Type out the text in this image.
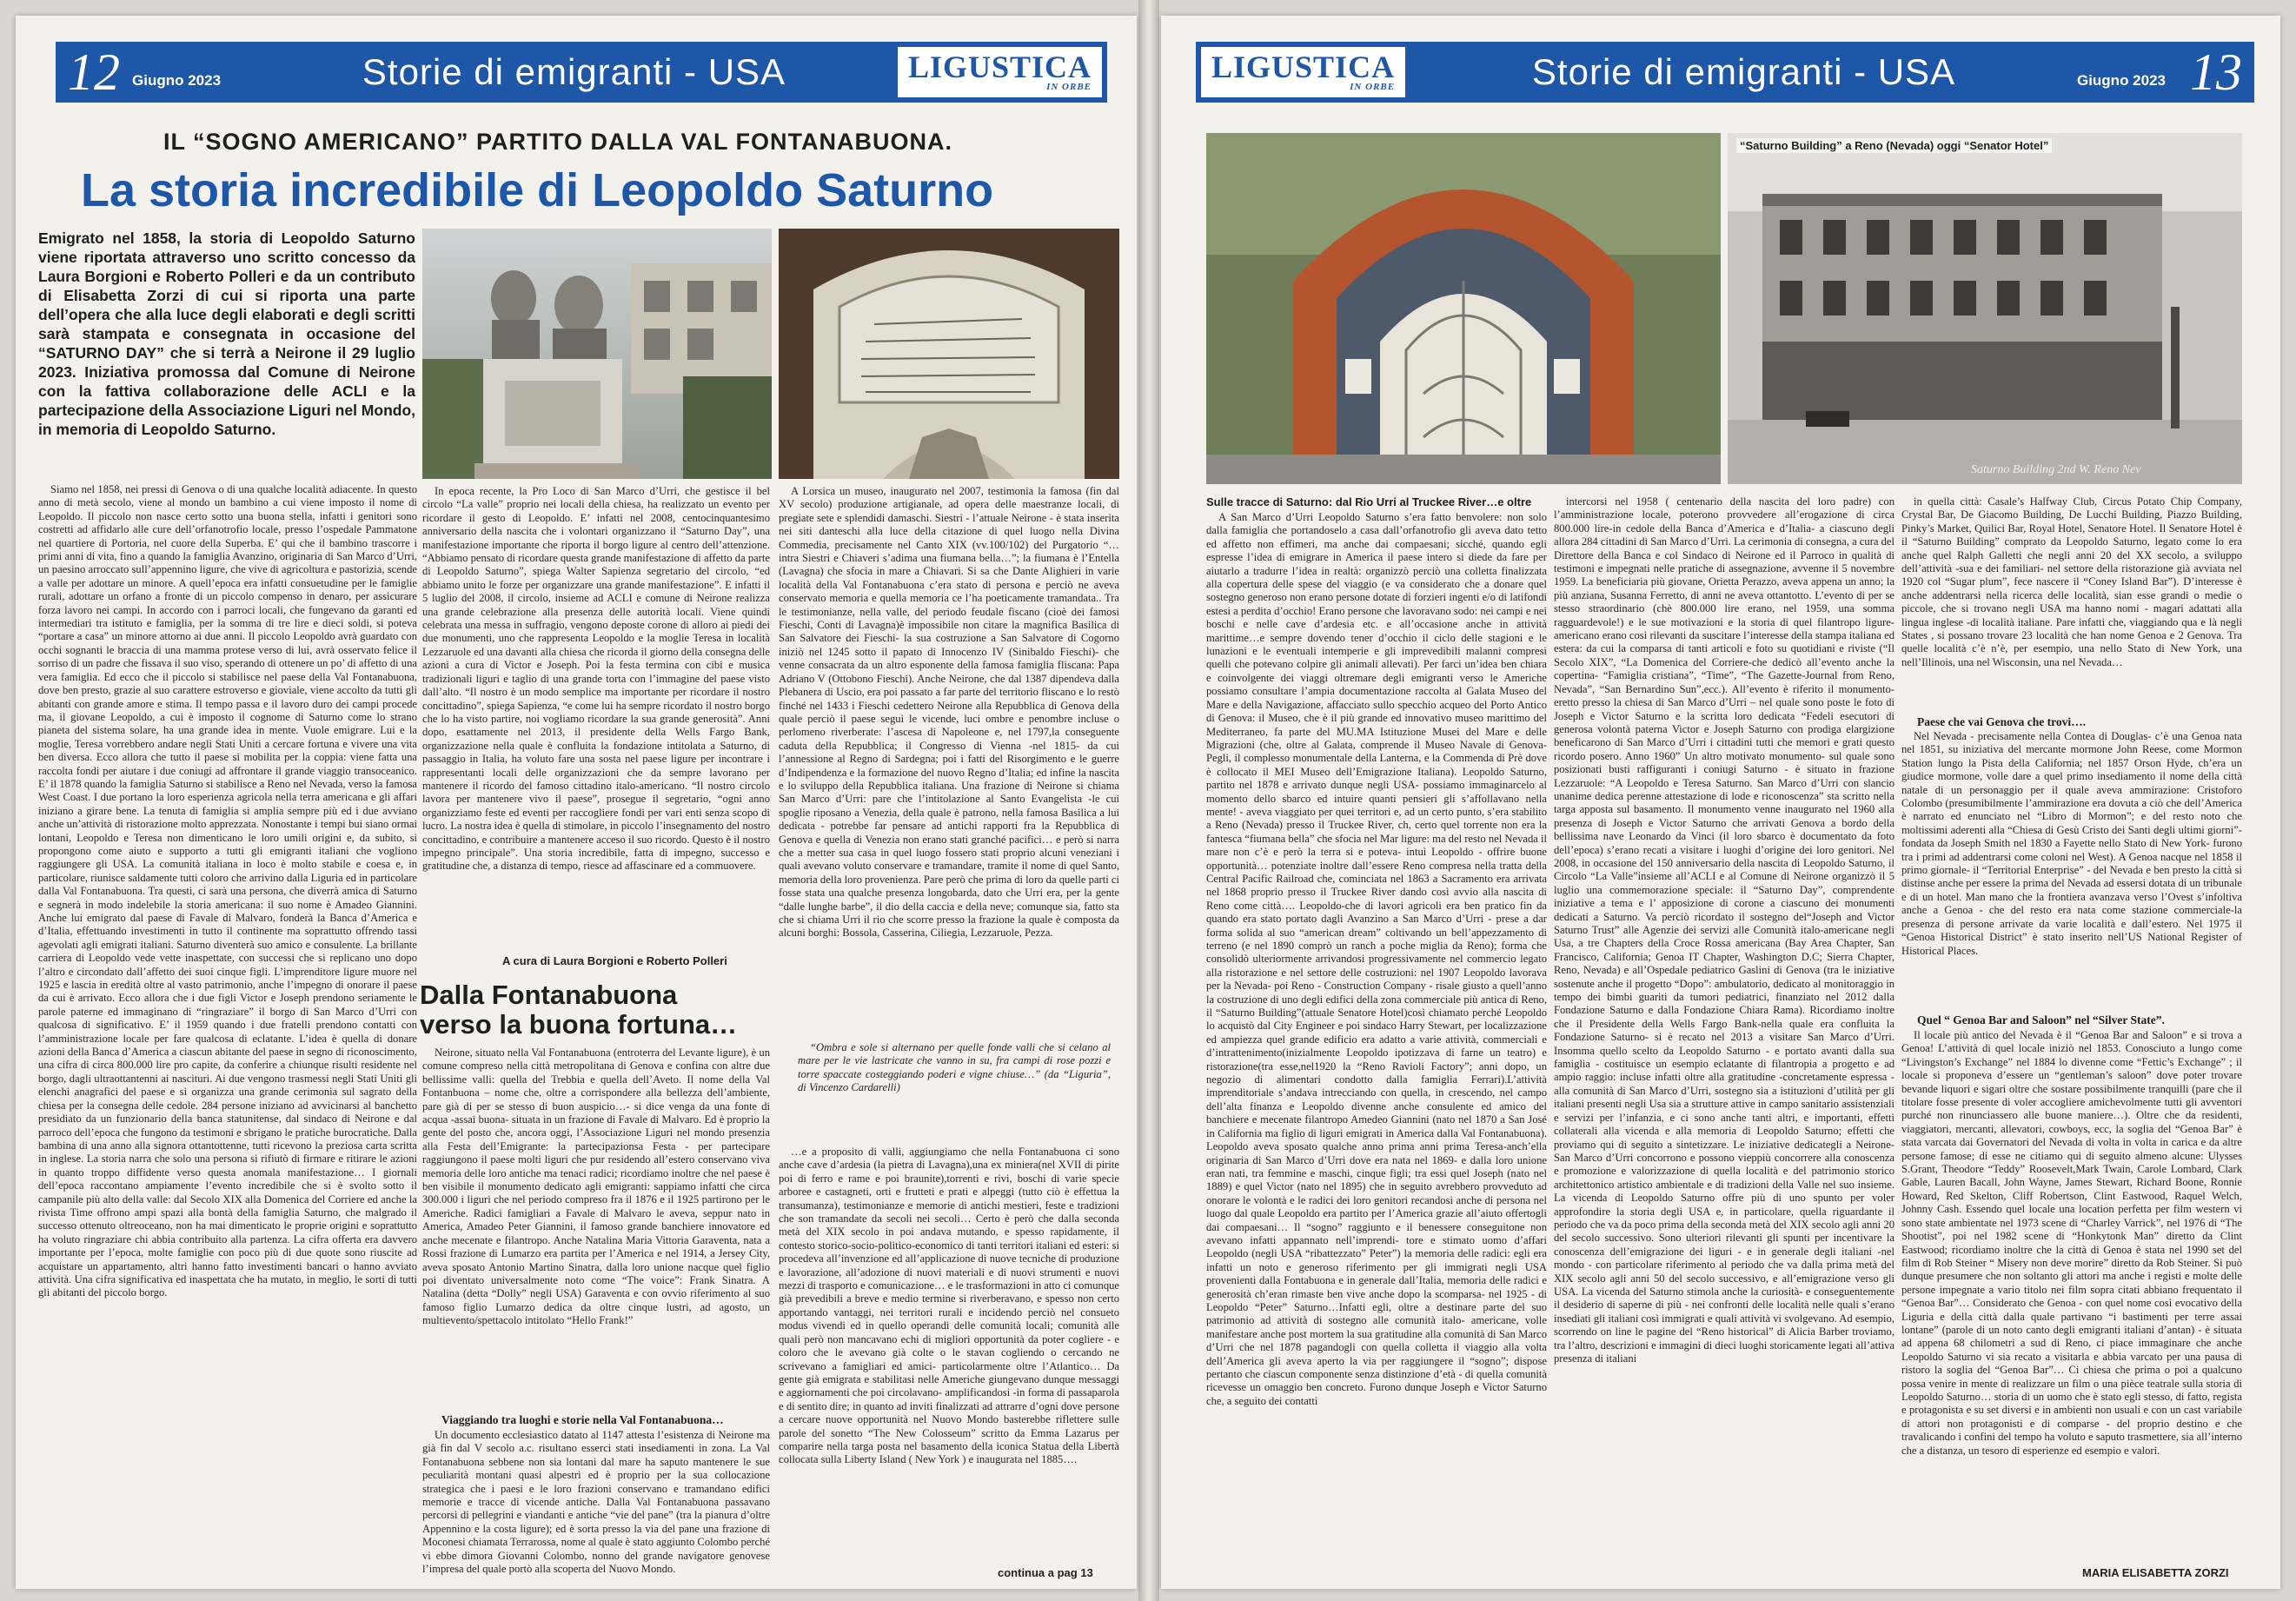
12 Giugno 2023	Storie di emigranti - USA	LIGUSTICA
IN ORBE
IL “SOGNO AMERICANO” PARTITO DALLA VAL FONTANABUONA.
La storia incredibile di Leopoldo Saturno
Emigrato nel 1858, la storia di Leopoldo Saturno viene riportata attraverso uno scritto concesso da Laura Borgioni e Roberto Polleri e da un contributo di Elisabetta Zorzi di cui si riporta una parte dell’opera che alla luce degli elaborati e degli scritti sarà stampata e consegnata in occasione del “SATURNO DAY” che si terrà a Neirone il 29 luglio 2023. Iniziativa promossa dal Comune di Neirone con la fattiva collaborazione delle ACLI e la partecipazione della Associazione Liguri nel Mondo, in memoria di Leopoldo Saturno.

Siamo nel 1858, nei pressi di Genova o di una qualche località adiacente. In questo anno di metà secolo, viene al mondo un bambino a cui viene imposto il nome di Leopoldo. Il piccolo non nasce certo sotto una buona stella, infatti i genitori sono costretti ad affidarlo alle cure dell’orfanotrofio locale, presso l’ospedale Pammatone nel quartiere di Portoria, nel cuore della Superba. E’ qui che il bambino trascorre i primi anni di vita, fino a quando la famiglia Avanzino, originaria di San Marco d’Urri, un paesino arroccato sull’appennino ligure, che vive di agricoltura e pastorizia, scende a valle per adottare un minore. A quell’epoca era infatti consuetudine per le famiglie rurali, adottare un orfano a fronte di un piccolo compenso in denaro, per assicurare forza lavoro nei campi. In accordo con i parroci locali, che fungevano da garanti ed intermediari tra istituto e famiglia, per la somma di tre lire e dieci soldi, si poteva “portare a casa” un minore attorno ai due anni. Il piccolo Leopoldo avrà guardato con occhi sognanti le braccia di una mamma protese verso di lui, avrà osservato felice il sorriso di un padre che fissava il suo viso, sperando di ottenere un po’ di affetto di una vera famiglia. Ed ecco che il piccolo si stabilisce nel paese della Val Fontanabuona, dove ben presto, grazie al suo carattere estroverso e gioviale, viene accolto da tutti gli abitanti con grande amore e stima. Il tempo passa e il lavoro duro dei campi procede ma, il giovane Leopoldo, a cui è imposto il cognome di Saturno come lo strano pianeta del sistema solare, ha una grande idea in mente. Vuole emigrare. Lui e la moglie, Teresa vorrebbero andare negli Stati Uniti a cercare fortuna e vivere una vita ben diversa. Ecco allora che tutto il paese si mobilita per la coppia: viene fatta una raccolta fondi per aiutare i due coniugi ad affrontare il grande viaggio transoceanico. E’ il 1878 quando la famiglia Saturno si stabilisce a Reno nel Nevada, verso la famosa West Coast. I due portano la loro esperienza agricola nella terra americana e gli affari iniziano a girare bene. La tenuta di famiglia si amplia sempre più ed i due avviano anche un’attività di ristorazione molto apprezzata. Nonostante i tempi bui siano ormai lontani, Leopoldo e Teresa non dimenticano le loro umili origini e, da subito, si propongono come aiuto e supporto a tutti gli emigranti italiani che vogliono raggiungere gli USA. La comunità italiana in loco è molto stabile e coesa e, in particolare, riunisce saldamente tutti coloro che arrivino dalla Liguria ed in particolare dalla Val Fontanabuona. Tra questi, ci sarà una persona, che diverrà amica di Saturno e segnerà in modo indelebile la storia americana: il suo nome è Amadeo Giannini. Anche lui emigrato dal paese di Favale di Malvaro, fonderà la Banca d’America e d’Italia, effettuando investimenti in tutto il continente ma soprattutto offrendo tassi agevolati agli emigrati italiani. Saturno diventerà suo amico e consulente. La brillante carriera di Leopoldo vede vette inaspettate, con successi che si replicano uno dopo l’altro e circondato dall’affetto dei suoi cinque figli. L’imprenditore ligure muore nel 1925 e lascia in eredità oltre al vasto patrimonio, anche l’impegno di onorare il paese da cui è arrivato. Ecco allora che i due figli Victor e Joseph prendono seriamente le parole paterne ed immaginano di “ringraziare” il borgo di San Marco d’Urri con qualcosa di significativo. E’ il 1959 quando i due fratelli prendono contatti con l’amministrazione locale per fare qualcosa di eclatante. L’idea è quella di donare azioni della Banca d’America a ciascun abitante del paese in segno di riconoscimento, una cifra di circa 800.000 lire pro capite, da conferire a chiunque risulti residente nel borgo, dagli ultraottantenni ai nascituri. Ai due vengono trasmessi negli Stati Uniti gli elenchi anagrafici del paese e si organizza una grande cerimonia sul sagrato della chiesa per la consegna delle cedole. 284 persone iniziano ad avvicinarsi al banchetto presidiato da un funzionario della banca statunitense, dal sindaco di Neirone e dal parroco dell’epoca che fungono da testimoni e sbrigano le pratiche burocratiche. Dalla bambina di una anno alla signora ottantottenne, tutti ricevono la preziosa carta scritta in inglese. La storia narra che solo una persona si rifiutò di firmare e ritirare le azioni in quanto troppo diffidente verso questa anomala manifestazione… I giornali dell’epoca raccontano ampiamente l’evento incredibile che si è svolto sotto il campanile più alto della valle: dal Secolo XIX alla Domenica del Corriere ed anche la rivista Time offrono ampi spazi alla bontà della famiglia Saturno, che malgrado il successo ottenuto oltreoceano, non ha mai dimenticato le proprie origini e soprattutto ha voluto ringraziare chi abbia contribuito alla partenza. La cifra offerta era davvero importante per l’epoca, molte famiglie con poco più di due quote sono riuscite ad acquistare un appartamento, altri hanno fatto investimenti bancari o hanno avviato attività. Una cifra significativa ed inaspettata che ha mutato, in meglio, le sorti di tutti gli abitanti del piccolo borgo.

In epoca recente, la Pro Loco di San Marco d’Urri, che gestisce il bel circolo “La valle” proprio nei locali della chiesa, ha realizzato un evento per ricordare il gesto di Leopoldo. E’ infatti nel 2008, centocinquantesimo anniversario della nascita che i volontari organizzano il “Saturno Day”, una manifestazione importante che riporta il borgo ligure al centro dell’attenzione. “Abbiamo pensato di ricordare questa grande manifestazione di affetto da parte di Leopoldo Saturno”, spiega Walter Sapienza segretario del circolo, “ed abbiamo unito le forze per organizzare una grande manifestazione”. E infatti il 5 luglio del 2008, il circolo, insieme ad ACLI e comune di Neirone realizza una grande celebrazione alla presenza delle autorità locali. Viene quindi celebrata una messa in suffragio, vengono deposte corone di alloro ai piedi dei due monumenti, uno che rappresenta Leopoldo e la moglie Teresa in località Lezzaruole ed una davanti alla chiesa che ricorda il giorno della consegna delle azioni a cura di Victor e Joseph. Poi la festa termina con cibi e musica tradizionali liguri e taglio di una grande torta con l’immagine del paese visto dall’alto. “Il nostro è un modo semplice ma importante per ricordare il nostro concittadino”, spiega Sapienza, “e come lui ha sempre ricordato il nostro borgo che lo ha visto partire, noi vogliamo ricordare la sua grande generosità”. Anni dopo, esattamente nel 2013, il presidente della Wells Fargo Bank, organizzazione nella quale è confluita la fondazione intitolata a Saturno, di passaggio in Italia, ha voluto fare una sosta nel paese ligure per incontrare i rappresentanti locali delle organizzazioni che da sempre lavorano per mantenere il ricordo del famoso cittadino italo-americano. “Il nostro circolo lavora per mantenere vivo il paese”, prosegue il segretario, “ogni anno organizziamo feste ed eventi per raccogliere fondi per vari enti senza scopo di lucro. La nostra idea è quella di stimolare, in piccolo l’insegnamento del nostro concittadino, e contribuire a mantenere acceso il suo ricordo. Questo è il nostro impegno principale”. Una storia incredibile, fatta di impegno, successo e gratitudine che, a distanza di tempo, riesce ad affascinare ed a commuovere.

A cura di Laura Borgioni e Roberto Polleri
Dalla Fontanabuona verso la buona fortuna…

Neirone, situato nella Val Fontanabuona (entroterra del Levante ligure), è un comune compreso nella città metropolitana di Genova e confina con altre due bellissime valli: quella del Trebbia e quella dell’Aveto. Il nome della Val Fontanbuona – nome che, oltre a corrispondere alla bellezza dell’ambiente, pare già di per se stesso di buon auspicio…- si dice venga da una fonte di acqua -assai buona- situata in un frazione di Favale di Malvaro. Ed è proprio la gente del posto che, ancora oggi, l’Associazione Liguri nel mondo presenzia alla Festa dell’Emigrante: la partecipazionsa Festa - per partecipare raggiungono il paese molti liguri che pur residendo all’estero conservano viva memoria delle loro antiche ma tenaci radici; ricordiamo inoltre che nel paese è ben visibile il monumento dedicato agli emigranti: sappiamo infatti che circa 300.000 i liguri che nel periodo compreso fra il 1876 e il 1925 partirono per le Americhe. Radici famigliari a Favale di Malvaro le aveva, seppur nato in America, Amadeo Peter Giannini, il famoso grande banchiere innovatore ed anche mecenate e filantropo. Anche Natalina Maria Vittoria Garaventa, nata a Rossi frazione di Lumarzo era partita per l’America e nel 1914, a Jersey City, aveva sposato Antonio Martino Sinatra, dalla loro unione nacque quel figlio poi diventato universalmente noto come “The voice”: Frank Sinatra. A Natalina (detta “Dolly” negli USA) Garaventa e con ovvio riferimento al suo famoso figlio Lumarzo dedica da oltre cinque lustri, ad agosto, un multievento/spettacolo intitolato “Hello Frank!”

Viaggiando tra luoghi e storie nella Val Fontanabuona…

Un documento ecclesiastico datato al 1147 attesta l’esistenza di Neirone ma già fin dal V secolo a.c. risultano esserci stati insediamenti in zona. La Val Fontanabuona sebbene non sia lontani dal mare ha saputo mantenere le sue peculiarità montani quasi alpestri ed è proprio per la sua collocazione strategica che i paesi e le loro frazioni conservano e tramandano edifici memorie e tracce di vicende antiche. Dalla Val Fontanabuona passavano percorsi di pellegrini e viandanti e antiche “vie del pane” (tra la pianura d’oltre Appennino e la costa ligure); ed è sorta presso la via del pane una frazione di Moconesi chiamata Terrarossa, nome al quale è stato aggiunto Colombo perché vi ebbe dimora Giovanni Colombo, nonno del grande navigatore genovese l’impresa del quale portò alla scoperta del Nuovo Mondo.

A Lorsica un museo, inaugurato nel 2007, testimonia la famosa (fin dal XV secolo) produzione artigianale, ad opera delle maestranze locali, di pregiate sete e splendidi damaschi. Siestri - l’attuale Neirone - è stata inserita nei siti danteschi alla luce della citazione di quel luogo nella Divina Commedia, precisamente nel Canto XIX (vv.100/102) del Purgatorio “…intra Siestri e Chiaveri s’adima una fiumana bella…”; la fiumana è l’Entella (Lavagna) che sfocia in mare a Chiavari. Si sa che Dante Alighieri in varie località della Val Fontanabuona c’era stato di persona e perciò ne aveva conservato memoria e quella memoria ce l’ha poeticamente tramandata.. Tra le testimonianze, nella valle, del periodo feudale fiscano (cioè dei famosi Fieschi, Conti di Lavagna)è impossibile non citare la magnifica Basilica di San Salvatore dei Fieschi- la sua costruzione a San Salvatore di Cogorno iniziò nel 1245 sotto il papato di Innocenzo IV (Sinibaldo Fieschi)- che venne consacrata da un altro esponente della famosa famiglia fliscana: Papa Adriano V (Ottobono Fieschi). Anche Neirone, che dal 1387 dipendeva dalla Plebanera di Uscio, era poi passato a far parte del territorio fliscano e lo restò finché nel 1433 i Fieschi cedettero Neirone alla Repubblica di Genova della quale perciò il paese seguì le vicende, luci ombre e penombre incluse o perlomeno riverberate: l’ascesa di Napoleone e, nel 1797,la conseguente caduta della Repubblica; il Congresso di Vienna -nel 1815- da cui l’annessione al Regno di Sardegna; poi i fatti del Risorgimento e le guerre d’Indipendenza e la formazione del nuovo Regno d’Italia; ed infine la nascita e lo sviluppo della Repubblica italiana. Una frazione di Neirone si chiama San Marco d’Urri: pare che l’intitolazione al Santo Evangelista -le cui spoglie riposano a Venezia, della quale è patrono, nella famosa Basilica a lui dedicata - potrebbe far pensare ad antichi rapporti fra la Repubblica di Genova e quella di Venezia non erano stati granché pacifici… e però si narra che a metter sua casa in quel luogo fossero stati proprio alcuni veneziani i quali avevano voluto conservare e tramandare, tramite il nome di quel Santo, memoria della loro provenienza. Pare però che prima di loro da quelle parti ci fosse stata una qualche presenza longobarda, dato che Urri era, per la gente “dalle lunghe barbe”, il dio della caccia e della neve; comunque sia, fatto sta che si chiama Urri il rio che scorre presso la frazione la quale è composta da alcuni borghi: Bossola, Casserina, Ciliegia, Lezzaruole, Pezza.

“Ombra e sole si alternano per quelle fonde valli che si celano al mare per le vie lastricate che vanno in su, fra campi di rose pozzi e torre spaccate costeggiando poderi e vigne chiuse…” (da “Liguria”, di Vincenzo Cardarelli)

…e a proposito di valli, aggiungiamo che nella Fontanabuona ci sono anche cave d’ardesia (la pietra di Lavagna),una ex miniera(nel XVII di pirite poi di ferro e rame e poi braunite),torrenti e rivi, boschi di varie specie arboree e castagneti, orti e frutteti e prati e alpeggi (tutto ciò è effettua la transumanza), testimonianze e memorie di antichi mestieri, feste e tradizioni che son tramandate da secoli nei secoli… Certo è però che dalla seconda metà del XIX secolo in poi andava mutando, e spesso rapidamente, il contesto storico-socio-politico-economico di tanti territori italiani ed esteri: si procedeva all’invenzione ed all’applicazione di nuove tecniche di produzione e lavorazione, all’adozione di nuovi materiali e di nuovi strumenti e nuovi mezzi di trasporto e comunicazione… e le trasformazioni in atto ci comunque già prevedibili a breve e medio termine si riverberavano, e spesso non certo apportando vantaggi, nei territori rurali e incidendo perciò nel consueto modus vivendi ed in quello operandi delle comunità locali; comunità alle quali però non mancavano echi di migliori opportunità da poter cogliere - e coloro che le avevano già colte o le stavan cogliendo o cercando ne scrivevano a famigliari ed amici- particolarmente oltre l’Atlantico… Da gente già emigrata e stabilitasi nelle Americhe giungevano dunque messaggi e aggiornamenti che poi circolavano- amplificandosi -in forma di passaparola e di sentito dire; in quanto ad inviti finalizzati ad attrarre d’ogni dove persone a cercare nuove opportunità nel Nuovo Mondo basterebbe riflettere sulle parole del sonetto “The New Colosseum” scritto da Emma Lazarus per comparire nella targa posta nel basamento della iconica Statua della Libertà collocata sulla Liberty Island ( New York ) e inaugurata nel 1885….

continua a pag 13
LIGUSTICA
IN ORBE	Storie di emigranti - USA	Giugno 2023 13
“Saturno Building” a Reno (Nevada) oggi “Senator Hotel”
Saturno Building 2nd W. Reno Nev
Sulle tracce di Saturno: dal Rio Urri al Truckee River…e oltre

A San Marco d’Urri Leopoldo Saturno s’era fatto benvolere: non solo dalla famiglia che portandoselo a casa dall’orfanotrofio gli aveva dato tetto ed affetto non effimeri, ma anche dai compaesani; sicché, quando egli espresse l’idea di emigrare in America il paese intero si diede da fare per aiutarlo a tradurre l’idea in realtà: organizzò perciò una colletta finalizzata alla copertura delle spese del viaggio (e va considerato che a donare quel sostegno generoso non erano persone dotate di forzieri ingenti e/o di latifondi estesi a perdita d’occhio! Erano persone che lavoravano sodo: nei campi e nei boschi e nelle cave d’ardesia etc. e all’occasione anche in attività marittime…e sempre dovendo tener d’occhio il ciclo delle stagioni e le lunazioni e le eventuali intemperie e gli imprevedibili malanni compresi quelli che potevano colpire gli animali allevati). Per farci un’idea ben chiara e coinvolgente dei viaggi oltremare degli emigranti verso le Americhe possiamo consultare l’ampia documentazione raccolta al Galata Museo del Mare e della Navigazione, affacciato sullo specchio acqueo del Porto Antico di Genova: il Museo, che è il più grande ed innovativo museo marittimo del Mediterraneo, fa parte del MU.MA Istituzione Musei del Mare e delle Migrazioni (che, oltre al Galata, comprende il Museo Navale di Genova-Pegli, il complesso monumentale della Lanterna, e la Commenda di Prè dove è collocato il MEI Museo dell’Emigrazione Italiana). Leopoldo Saturno, partito nel 1878 e arrivato dunque negli USA- possiamo immaginarcelo al momento dello sbarco ed intuire quanti pensieri gli s’affollavano nella mente! - aveva viaggiato per quei territori e, ad un certo punto, s’era stabilito a Reno (Nevada) presso il Truckee River, ch, certo quel torrente non era la fantesca “fiumana bella” che sfocia nel Mar ligure: ma del resto nel Nevada il mare non c’è e però la terra si e poteva- intuì Leopoldo - offrire buone opportunità… potenziate inoltre dall’essere Reno compresa nella tratta della Central Pacific Railroad che, cominciata nel 1863 a Sacramento era arrivata nel 1868 proprio presso il Truckee River dando così avvio alla nascita di Reno come città…. Leopoldo-che di lavori agricoli era ben pratico fin da quando era stato portato dagli Avanzino a San Marco d’Urri - prese a dar forma solida al suo “american dream” coltivando un bell’appezzamento di terreno (e nel 1890 comprò un ranch a poche miglia da Reno); forma che consolidò ulteriormente arrivandosi progressivamente nel commercio legato alla ristorazione e nel settore delle costruzioni: nel 1907 Leopoldo lavorava per la Nevada- poi Reno - Construction Company - risale giusto a quell’anno la costruzione di uno degli edifici della zona commerciale più antica di Reno, il “Saturno Building”(attuale Senatore Hotel)così chiamato perché Leopoldo lo acquistò dal City Engineer e poi sindaco Harry Stewart, per localizzazione ed ampiezza quel grande edificio era adatto a varie attività, commerciali e d’intrattenimento(inizialmente Leopoldo ipotizzava di farne un teatro) e ristorazione(tra esse,nel1920 la “Reno Ravioli Factory”; anni dopo, un negozio di alimentari condotto dalla famiglia Ferrari).L’attività imprenditoriale s’andava intrecciando con quella, in crescendo, nel campo dell’alta finanza e Leopoldo divenne anche consulente ed amico del banchiere e mecenate filantropo Amedeo Giannini (nato nel 1870 a San José in California ma figlio di liguri emigrati in America dalla Val Fontanabuona). Leopoldo aveva sposato qualche anno prima anni prima Teresa-anch’ella originaria di San Marco d’Urri dove era nata nel 1869- e dalla loro unione eran nati, tra femmine e maschi, cinque figli; tra essi quel Joseph (nato nel 1889) e quel Victor (nato nel 1895) che in seguito avrebbero provveduto ad onorare le volontà e le radici dei loro genitori recandosi anche di persona nel luogo dal quale Leopoldo era partito per l’America grazie all’aiuto offertogli dai compaesani… Il “sogno” raggiunto e il benessere conseguitone non avevano infatti appannato nell’imprendi- tore e stimato uomo d’affari Leopoldo (negli USA “ribattezzato” Peter”) la memoria delle radici: egli era infatti un noto e generoso riferimento per gli immigrati negli USA provenienti dalla Fontabuona e in generale dall’Italia, memoria delle radici e generosità ch’eran rimaste ben vive anche dopo la scomparsa- nel 1925 - di Leopoldo “Peter” Saturno…Infatti egli, oltre a destinare parte del suo patrimonio ad attività di sostegno alle comunità italo- americane, volle manifestare anche post mortem la sua gratitudine alla comunità di San Marco d’Urri che nel 1878 pagandogli con quella colletta il viaggio alla volta dell’America gli aveva aperto la via per raggiungere il “sogno”; dispose pertanto che ciascun componente senza distinzione d’età - di quella comunità ricevesse un omaggio ben concreto. Furono dunque Joseph e Victor Saturno che, a seguito dei contatti

intercorsi nel 1958 ( centenario della nascita del loro padre) con l’amministrazione locale, poterono provvedere all’erogazione di circa 800.000 lire-in cedole della Banca d’America e d’Italia- a ciascuno degli allora 284 cittadini di San Marco d’Urri. La cerimonia di consegna, a cura del Direttore della Banca e col Sindaco di Neirone ed il Parroco in qualità di testimoni e impegnati nelle pratiche di assegnazione, avvenne il 5 novembre 1959. La beneficiaria più giovane, Orietta Perazzo, aveva appena un anno; la più anziana, Susanna Ferretto, di anni ne aveva ottantotto. L’evento di per se stesso straordinario (chè 800.000 lire erano, nel 1959, una somma ragguardevole!) e le sue motivazioni e la storia di quel filantropo ligure-americano erano così rilevanti da suscitare l’interesse della stampa italiana ed estera: da cui la comparsa di tanti articoli e foto su quotidiani e riviste (“Il Secolo XIX”, “La Domenica del Corriere-che dedicò all’evento anche la copertina- “Famiglia cristiana”, “Time”, “The Gazette-Journal from Reno, Nevada”, “San Bernardino Sun”,ecc.). All’evento è riferito il monumento- eretto presso la chiesa di San Marco d’Urri – nel quale sono poste le foto di Joseph e Victor Saturno e la scritta loro dedicata “Fedeli esecutori di generosa volontà paterna Victor e Joseph Saturno con prodiga elargizione beneficarono di San Marco d’Urri i cittadini tutti che memori e grati questo ricordo posero. Anno 1960” Un altro motivato monumento- sul quale sono posizionati busti raffiguranti i coniugi Saturno - è situato in frazione Lezzaruole: “A Leopoldo e Teresa Saturno. San Marco d’Urri con slancio unanime dedica perenne attestazione di lode e riconoscenza” sta scritto nella targa apposta sul basamento. Il monumento venne inaugurato nel 1960 alla presenza di Joseph e Victor Saturno che arrivati Genova a bordo della bellissima nave Leonardo da Vinci (il loro sbarco è documentato da foto dell’epoca) s’erano recati a visitare i luoghi d’origine dei loro genitori. Nel 2008, in occasione del 150 anniversario della nascita di Leopoldo Saturno, il Circolo “La Valle”insieme all’ACLI e al Comune di Neirone organizzò il 5 luglio una commemorazione speciale: il “Saturno Day”, comprendente iniziative a tema e l’ apposizione di corone a ciascuno dei monumenti dedicati a Saturno. Va perciò ricordato il sostegno del“Joseph and Victor Saturno Trust” alle Agenzie dei servizi alle Comunità italo-americane negli Usa, a tre Chapters della Croce Rossa americana (Bay Area Chapter, San Francisco, California; Genoa IT Chapter, Washington D.C; Sierra Chapter, Reno, Nevada) e all’Ospedale pediatrico Gaslini di Genova (tra le iniziative sostenute anche il progetto “Dopo”: ambulatorio, dedicato al monitoraggio in tempo dei bimbi guariti da tumori pediatrici, finanziato nel 2012 dalla Fondazione Saturno e dalla Fondazione Chiara Rama). Ricordiamo inoltre che il Presidente della Wells Fargo Bank-nella quale era confluita la Fondazione Saturno- si è recato nel 2013 a visitare San Marco d’Urri. Insomma quello scelto da Leopoldo Saturno - e portato avanti dalla sua famiglia - costituisce un esempio eclatante di filantropia a progetto e ad ampio raggio: incluse infatti oltre alla gratitudine -concretamente espressa -alla comunità di San Marco d’Urri, sostegno sia a istituzioni d’utilità per gli italiani presenti negli Usa sia a strutture attive in campo sanitario assistenziali e servizi per l’infanzia, e ci sono anche tanti altri, e importanti, effetti collaterali alla vicenda e alla memoria di Leopoldo Saturno; effetti che proviamo qui di seguito a sintetizzare. Le iniziative dedicategli a Neirone-San Marco d’Urri concorrono e possono vieppiù concorrere alla conoscenza e promozione e valorizzazione di quella località e del patrimonio storico architettonico artistico ambientale e di tradizioni della Valle nel suo insieme. La vicenda di Leopoldo Saturno offre più di uno spunto per voler approfondire la storia degli USA e, in particolare, quella riguardante il periodo che va da poco prima della seconda metà del XIX secolo agli anni 20 del secolo successivo. Sono ulteriori rilevanti gli spunti per incentivare la conoscenza dell’emigrazione dei liguri - e in generale degli italiani -nel mondo - con particolare riferimento al periodo che va dalla prima metà del XIX secolo agli anni 50 del secolo successivo, e all’emigrazione verso gli USA. La vicenda del Saturno stimola anche la curiosità- e conseguentemente il desiderio di saperne di più - nei confronti delle località nelle quali s’erano insediati gli italiani così immigrati e quali attività vi svolgevano. Ad esempio, scorrendo on line le pagine del “Reno historical” di Alicia Barber troviamo, tra l’altro, descrizioni e immagini di dieci luoghi storicamente legati all’attiva presenza di italiani

in quella città: Casale’s Halfway Club, Circus Potato Chip Company, Crystal Bar, De Giacomo Building, De Lucchi Building, Piazzo Building, Pinky’s Market, Quilici Bar, Royal Hotel, Senatore Hotel. Il Senatore Hotel è il “Saturno Building” comprato da Leopoldo Saturno, legato come lo era anche quel Ralph Galletti che negli anni 20 del XX secolo, a sviluppo dell’attività -sua e dei familiari- nel settore della ristorazione già avviata nel 1920 col “Sugar plum”, fece nascere il “Coney Island Bar”). D’interesse è anche addentrarsi nella ricerca delle località, sian esse grandi o medie o piccole, che si trovano negli USA ma hanno nomi - magari adattati alla lingua inglese -di località italiane. Pare infatti che, viaggiando qua e là negli States , si possano trovare 23 località che han nome Genoa e 2 Genova. Tra quelle località c’è n’è, per esempio, una nello Stato di New York, una nell’Illinois, una nel Wisconsin, una nel Nevada…

Paese che vai Genova che trovi….

Nel Nevada - precisamente nella Contea di Douglas- c’è una Genoa nata nel 1851, su iniziativa del mercante mormone John Reese, come Mormon Station lungo la Pista della California; nel 1857 Orson Hyde, ch’era un giudice mormone, volle dare a quel primo insediamento il nome della città natale di un personaggio per il quale aveva ammirazione: Cristoforo Colombo (presumibilmente l’ammirazione era dovuta a ciò che dell’America è narrato ed enunciato nel “Libro di Mormon”; e del resto noto che moltissimi aderenti alla “Chiesa di Gesù Cristo dei Santi degli ultimi giorni”- fondata da Joseph Smith nel 1830 a Fayette nello Stato di New York- furono tra i primi ad addentrarsi come coloni nel West). A Genoa nacque nel 1858 il primo giornale- il “Territorial Enterprise” - del Nevada e ben presto la città si distinse anche per essere la prima del Nevada ad essersi dotata di un tribunale e di un hotel. Man mano che la frontiera avanzava verso l’Ovest s’infoltiva anche a Genoa - che del resto era nata come stazione commerciale-la presenza di persone arrivate da varie località e dall’estero. Nel 1975 il “Genoa Historical District” è stato inserito nell’US National Register of Historical Places.

Quel “ Genoa Bar and Saloon” nel “Silver State”.

Il locale più antico del Nevada è il “Genoa Bar and Saloon” e si trova a Genoa! L’attività di quel locale iniziò nel 1853. Conosciuto a lungo come “Livingston’s Exchange” nel 1884 lo divenne come “Fettic’s Exchange” ; il locale si proponeva d’essere un “gentleman’s saloon” dove poter trovare bevande liquori e sigari oltre che sostare possibilmente tranquilli (pare che il titolare fosse presente di voler accogliere amichevolmente tutti gli avventori purché non rinunciassero alle buone maniere…). Oltre che da residenti, viaggiatori, mercanti, allevatori, cowboys, ecc, la soglia del “Genoa Bar” è stata varcata dai Governatori del Nevada di volta in volta in carica e da altre persone famose; di esse ne citiamo qui di seguito almeno alcune: Ulysses S.Grant, Theodore “Teddy” Roosevelt,Mark Twain, Carole Lombard, Clark Gable, Lauren Bacall, John Wayne, James Stewart, Richard Boone, Ronnie Howard, Red Skelton, Cliff Robertson, Clint Eastwood, Raquel Welch, Johnny Cash. Essendo quel locale una location perfetta per film western vi sono state ambientate nel 1973 scene di “Charley Varrick”, nel 1976 di “The Shootist”, poi nel 1982 scene di “Honkytonk Man” diretto da Clint Eastwood; ricordiamo inoltre che la città di Genoa è stata nel 1990 set del film di Rob Steiner “ Misery non deve morire” diretto da Rob Steiner. Si può dunque presumere che non soltanto gli attori ma anche i registi e molte delle persone impegnate a vario titolo nei film sopra citati abbiano frequentato il “Genoa Bar”… Considerato che Genoa - con quel nome così evocativo della Liguria e della città dalla quale partivano “i bastimenti per terre assai lontane” (parole di un noto canto degli emigranti italiani d’antan) - è situata ad appena 68 chilometri a sud di Reno, ci piace immaginare che anche Leopoldo Saturno vi sia recato a visitarla e abbia varcato per una pausa di ristoro la soglia del “Genoa Bar”… Ci chiesa che prima o poi a qualcuno possa venire in mente di realizzare un film o una pièce teatrale sulla storia di Leopoldo Saturno… storia di un uomo che è stato egli stesso, di fatto, regista e protagonista e su set diversi e in ambienti non usuali e con un cast variabile di attori non protagonisti e di comparse - del proprio destino e che travalicando i confini del tempo ha voluto e saputo trasmettere, sia all’interno che a distanza, un tesoro di esperienze ed esempio e valori.

MARIA ELISABETTA ZORZI
